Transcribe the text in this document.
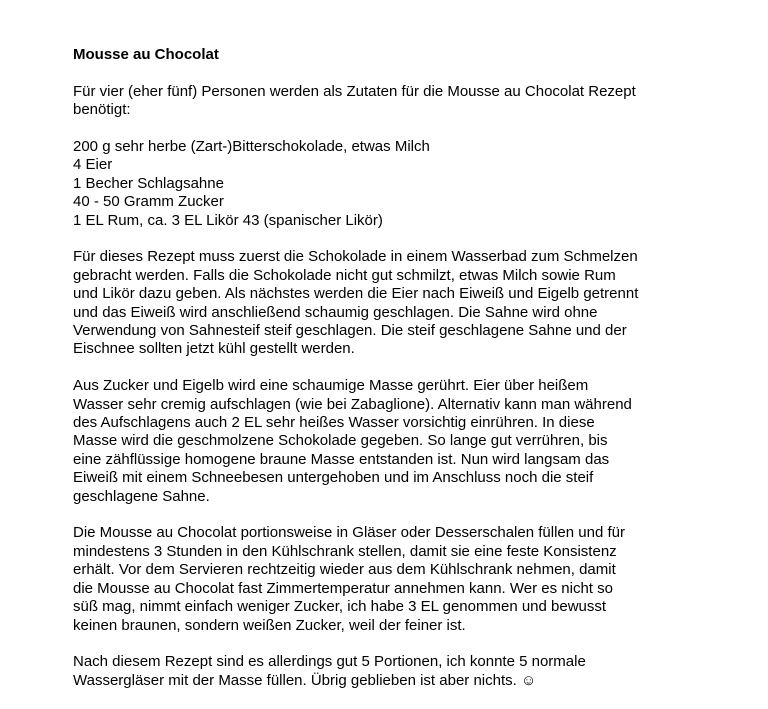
Mousse au Chocolat
Für vier (eher fünf) Personen werden als Zutaten für die Mousse au Chocolat Rezept
benötigt:
200 g sehr herbe (Zart-)Bitterschokolade, etwas Milch
4 Eier
1 Becher Schlagsahne
40 - 50 Gramm Zucker
1 EL Rum, ca. 3 EL Likör 43 (spanischer Likör)
Für dieses Rezept muss zuerst die Schokolade in einem Wasserbad zum Schmelzen
gebracht werden. Falls die Schokolade nicht gut schmilzt, etwas Milch sowie Rum
und Likör dazu geben. Als nächstes werden die Eier nach Eiweiß und Eigelb getrennt
und das Eiweiß wird anschließend schaumig geschlagen. Die Sahne wird ohne
Verwendung von Sahnesteif steif geschlagen. Die steif geschlagene Sahne und der
Eischnee sollten jetzt kühl gestellt werden.
Aus Zucker und Eigelb wird eine schaumige Masse gerührt. Eier über heißem
Wasser sehr cremig aufschlagen (wie bei Zabaglione). Alternativ kann man während
des Aufschlagens auch 2 EL sehr heißes Wasser vorsichtig einrühren. In diese
Masse wird die geschmolzene Schokolade gegeben. So lange gut verrühren, bis
eine zähflüssige homogene braune Masse entstanden ist. Nun wird langsam das
Eiweiß mit einem Schneebesen untergehoben und im Anschluss noch die steif
geschlagene Sahne.
Die Mousse au Chocolat portionsweise in Gläser oder Desserschalen füllen und für
mindestens 3 Stunden in den Kühlschrank stellen, damit sie eine feste Konsistenz
erhält. Vor dem Servieren rechtzeitig wieder aus dem Kühlschrank nehmen, damit
die Mousse au Chocolat fast Zimmertemperatur annehmen kann. Wer es nicht so
süß mag, nimmt einfach weniger Zucker, ich habe 3 EL genommen und bewusst
keinen braunen, sondern weißen Zucker, weil der feiner ist.
Nach diesem Rezept sind es allerdings gut 5 Portionen, ich konnte 5 normale
Wassergläser mit der Masse füllen. Übrig geblieben ist aber nichts. ☺
